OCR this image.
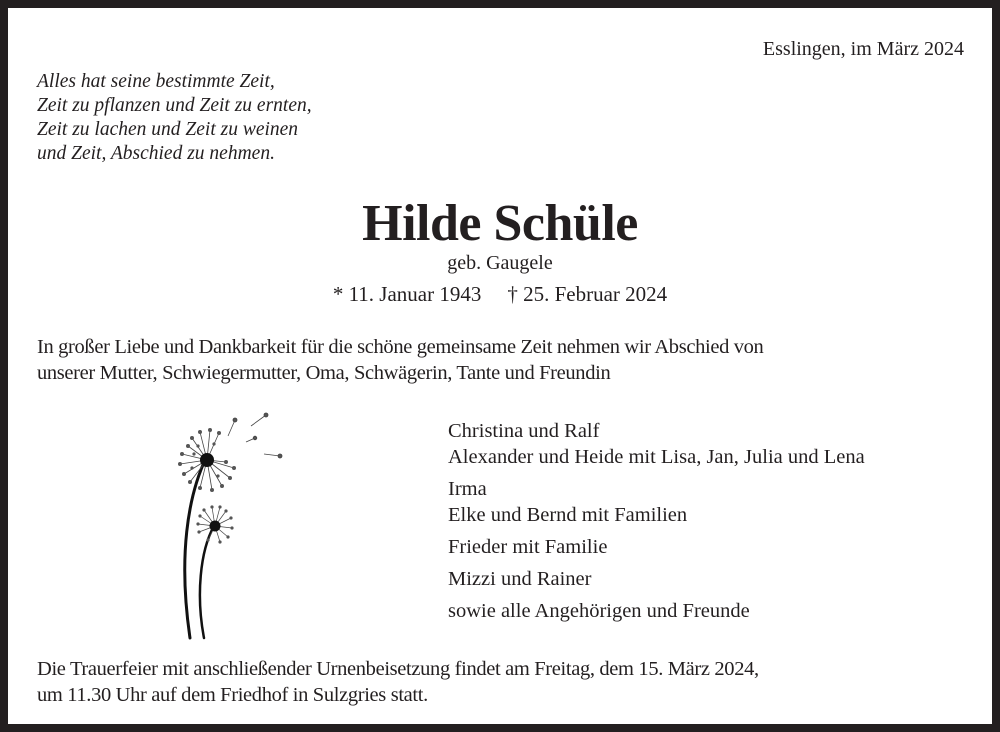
Esslingen, im März 2024
Alles hat seine bestimmte Zeit,
Zeit zu pflanzen und Zeit zu ernten,
Zeit zu lachen und Zeit zu weinen
und Zeit, Abschied zu nehmen.
Hilde Schüle
geb. Gaugele
* 11. Januar 1943 † 25. Februar 2024
In großer Liebe und Dankbarkeit für die schöne gemeinsame Zeit nehmen wir Abschied von
unserer Mutter, Schwiegermutter, Oma, Schwägerin, Tante und Freundin
Christina und Ralf
Alexander und Heide mit Lisa, Jan, Julia und Lena
Irma
Elke und Bernd mit Familien
Frieder mit Familie
Mizzi und Rainer
sowie alle Angehörigen und Freunde
Die Trauerfeier mit anschließender Urnenbeisetzung findet am Freitag, dem 15. März 2024,
um 11.30 Uhr auf dem Friedhof in Sulzgries statt.
